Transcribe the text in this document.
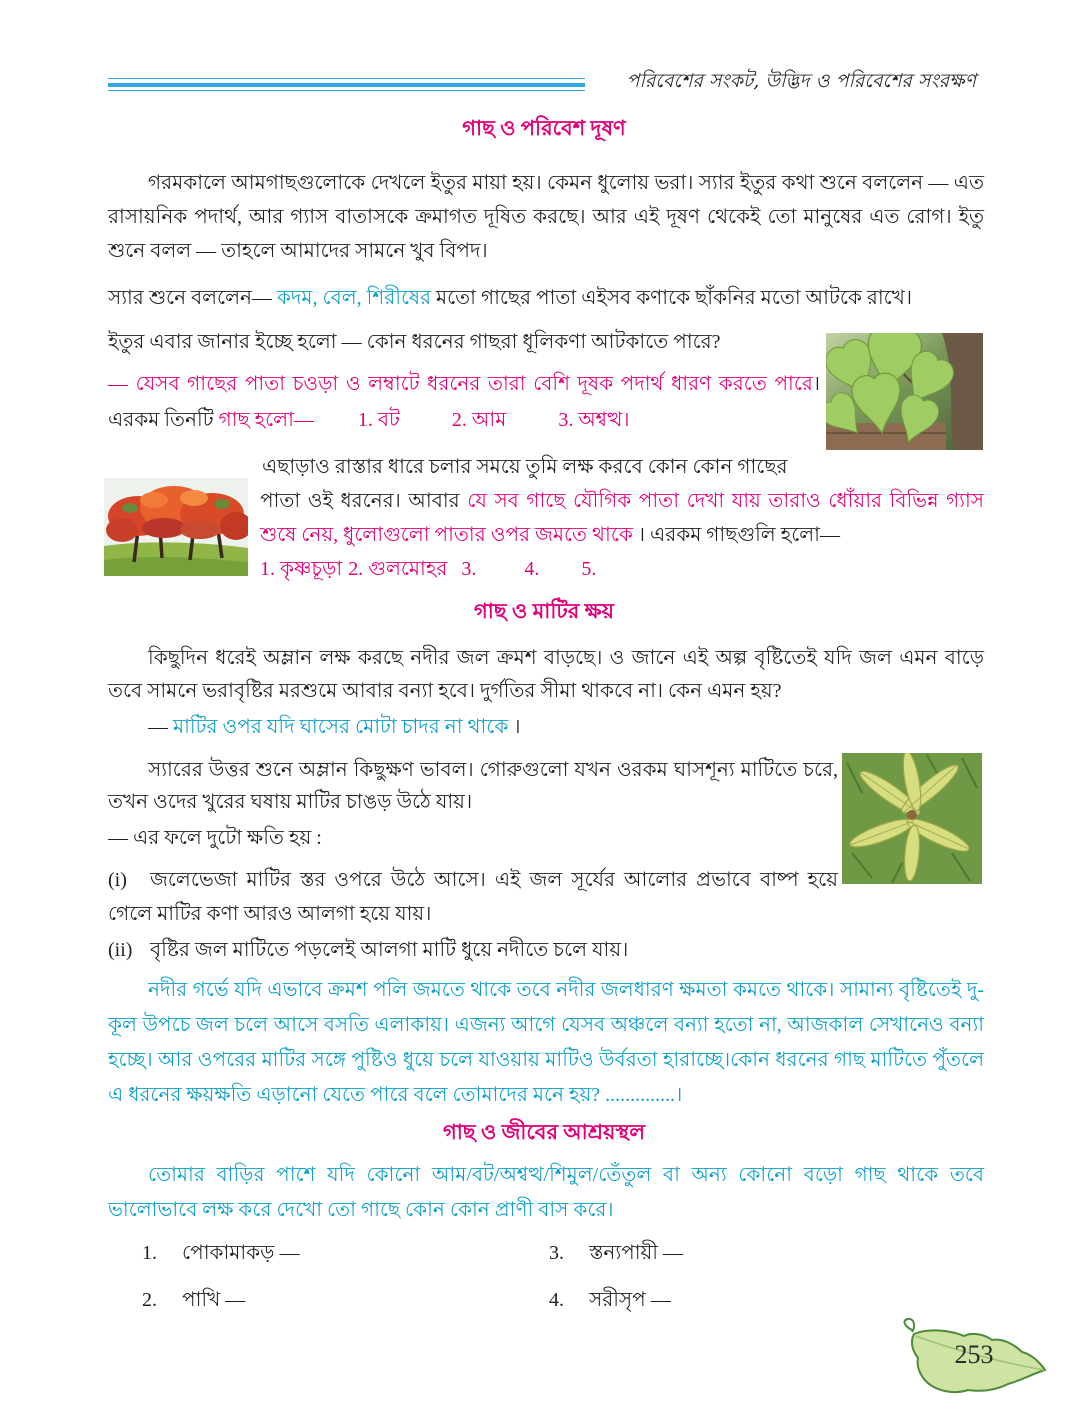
পরিবেশের সংকট, উদ্ভিদ ও পরিবেশের সংরক্ষণ

গাছ ও পরিবেশ দূষণ

গরমকালে আমগাছগুলোকে দেখলে ইতুর মায়া হয়। কেমন ধুলোয় ভরা। স্যার ইতুর কথা শুনে বললেন — এত রাসায়নিক পদার্থ, আর গ্যাস বাতাসকে ক্রমাগত দূষিত করছে। আর এই দূষণ থেকেই তো মানুষের এত রোগ। ইতু শুনে বলল — তাহলে আমাদের সামনে খুব বিপদ।

স্যার শুনে বললেন— কদম, বেল, শিরীষের মতো গাছের পাতা এইসব কণাকে ছাঁকনির মতো আটকে রাখে।

ইতুর এবার জানার ইচ্ছে হলো — কোন ধরনের গাছরা ধূলিকণা আটকাতে পারে?

— যেসব গাছের পাতা চওড়া ও লম্বাটে ধরনের তারা বেশি দূষক পদার্থ ধারণ করতে পারে। এরকম তিনটি গাছ হলো— 1. বট	2. আম	3. অশ্বত্থ।

এছাড়াও রাস্তার ধারে চলার সময়ে তুমি লক্ষ করবে কোন কোন গাছের

পাতা ওই ধরনের। আবার যে সব গাছে যৌগিক পাতা দেখা যায় তারাও ধোঁয়ার বিভিন্ন গ্যাস শুষে নেয়, ধুলোগুলো পাতার ওপর জমতে থাকে । এরকম গাছগুলি হলো—

1. কৃষ্ণচূড়া 2. গুলমোহর 3. 4. 5.

গাছ ও মাটির ক্ষয়

কিছুদিন ধরেই অম্লান লক্ষ করছে নদীর জল ক্রমশ বাড়ছে। ও জানে এই অল্প বৃষ্টিতেই যদি জল এমন বাড়ে তবে সামনে ভরাবৃষ্টির মরশুমে আবার বন্যা হবে। দুর্গতির সীমা থাকবে না। কেন এমন হয়?

— মাটির ওপর যদি ঘাসের মোটা চাদর না থাকে ।

স্যারের উত্তর শুনে অম্লান কিছুক্ষণ ভাবল। গোরুগুলো যখন ওরকম ঘাসশূন্য মাটিতে চরে, তখন ওদের খুরের ঘষায় মাটির চাঙড় উঠে যায়।

— এর ফলে দুটো ক্ষতি হয় :

(i) জলেভেজা মাটির স্তর ওপরে উঠে আসে। এই জল সূর্যের আলোর প্রভাবে বাষ্প হয়ে গেলে মাটির কণা আরও আলগা হয়ে যায়।

(ii) বৃষ্টির জল মাটিতে পড়লেই আলগা মাটি ধুয়ে নদীতে চলে যায়।

নদীর গর্ভে যদি এভাবে ক্রমশ পলি জমতে থাকে তবে নদীর জলধারণ ক্ষমতা কমতে থাকে। সামান্য বৃষ্টিতেই দু-কূল উপচে জল চলে আসে বসতি এলাকায়। এজন্য আগে যেসব অঞ্চলে বন্যা হতো না, আজকাল সেখানেও বন্যা হচ্ছে। আর ওপরের মাটির সঙ্গে পুষ্টিও ধুয়ে চলে যাওয়ায় মাটিও উর্বরতা হারাচ্ছে।কোন ধরনের গাছ মাটিতে পুঁতলে এ ধরনের ক্ষয়ক্ষতি এড়ানো যেতে পারে বলে তোমাদের মনে হয়? ..............।

গাছ ও জীবের আশ্রয়স্থল

তোমার বাড়ির পাশে যদি কোনো আম/বট/অশ্বত্থ/শিমুল/তেঁতুল বা অন্য কোনো বড়ো গাছ থাকে তবে ভালোভাবে লক্ষ করে দেখো তো গাছে কোন কোন প্রাণী বাস করে।

1. পোকামাকড় —
2. পাখি —
3. স্তন্যপায়ী —
4. সরীসৃপ —
253
